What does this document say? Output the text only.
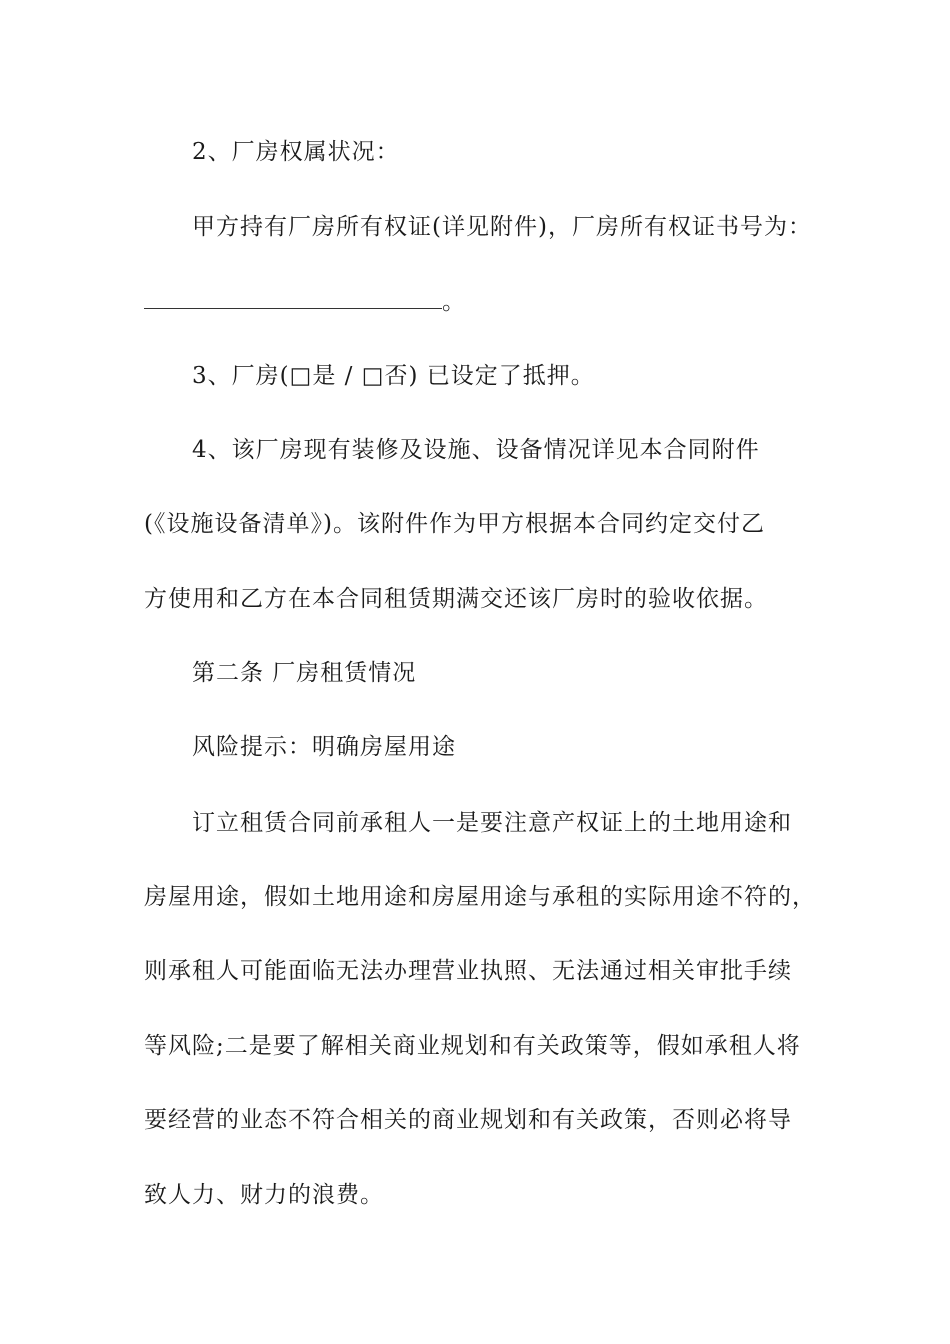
2、厂房权属状况：
甲方持有厂房所有权证(详见附件)，厂房所有权证书号为：
。
3、厂房(□是 / □否) 已设定了抵押。
4、该厂房现有装修及设施、设备情况详见本合同附件
(《设施设备清单》)。该附件作为甲方根据本合同约定交付乙
方使用和乙方在本合同租赁期满交还该厂房时的验收依据。
第二条 厂房租赁情况
风险提示：明确房屋用途
订立租赁合同前承租人一是要注意产权证上的土地用途和
房屋用途，假如土地用途和房屋用途与承租的实际用途不符的，
则承租人可能面临无法办理营业执照、无法通过相关审批手续
等风险;二是要了解相关商业规划和有关政策等，假如承租人将
要经营的业态不符合相关的商业规划和有关政策，否则必将导
致人力、财力的浪费。
